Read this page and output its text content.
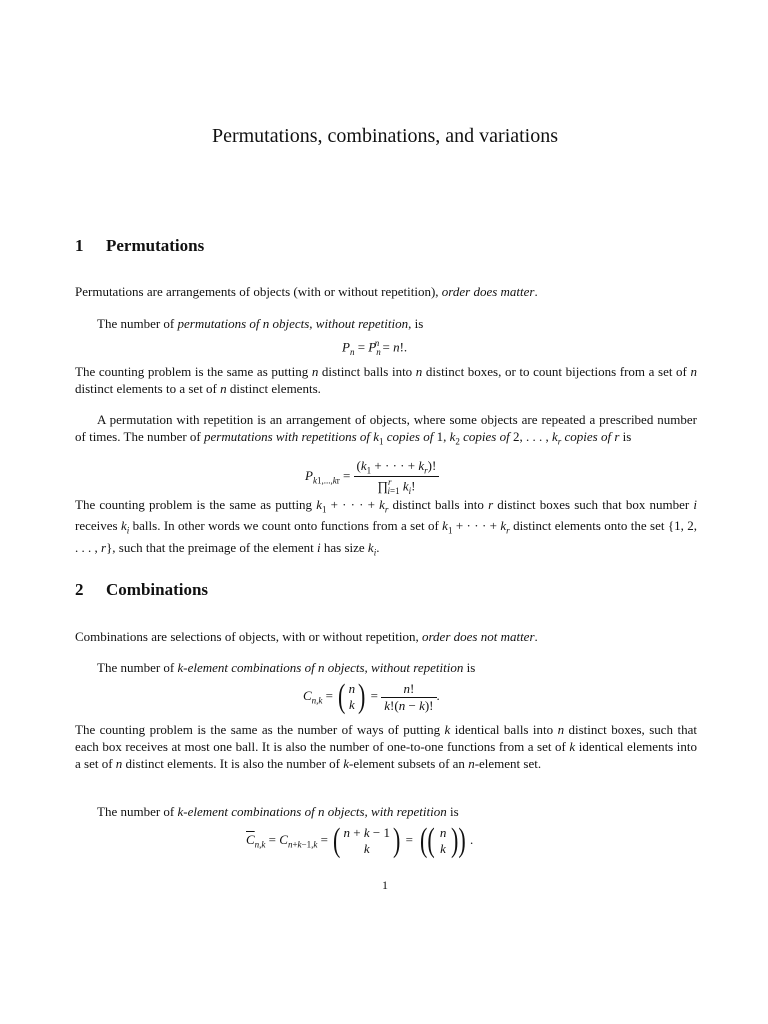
Permutations, combinations, and variations
1 Permutations
Permutations are arrangements of objects (with or without repetition), order does matter.
The number of permutations of n objects, without repetition, is
$P_n = P_n^n = n$!.
The counting problem is the same as putting n distinct balls into n distinct boxes, or to count bijections from a set of n distinct elements to a set of n distinct elements.
A permutation with repetition is an arrangement of objects, where some objects are repeated a prescribed number of times. The number of permutations with repetitions of $k_1$ copies of 1, $k_2$ copies of 2, . . . , $k_r$ copies of r is
$P_{k1,...,kr} = \frac{(k_1 + \cdot \cdot \cdot + k_r)!}{\prod^r_{i=1} k_i!}$
The counting problem is the same as putting $k_1$ + · · · + $k_r$ distinct balls into r distinct boxes such that box number i receives $k_i$ balls. In other words we count onto functions from a set of $k_1$ + · · · + $k_r$ distinct elements onto the set {1, 2, . . . , r}, such that the preimage of the element i has size $k_i$.
2 Combinations
Combinations are selections of objects, with or without repetition, order does not matter.
The number of k-element combinations of n objects, without repetition is
$C_{n,k}$ = ( n
k ) = $\frac{n!}{k!(n - k)!}$ .
The counting problem is the same as the number of ways of putting k identical balls into n distinct boxes, such that each box receives at most one ball. It is also the number of one-to-one functions from a set of k identical elements into a set of n distinct elements. It is also the number of k-element subsets of an n-element set.
The number of k-element combinations of n objects, with repetition is
$\overline{C}_{n,k} = C_{n+k-1,k}$ = ( n + k − 1
k ) = (( n
k )) .
1
